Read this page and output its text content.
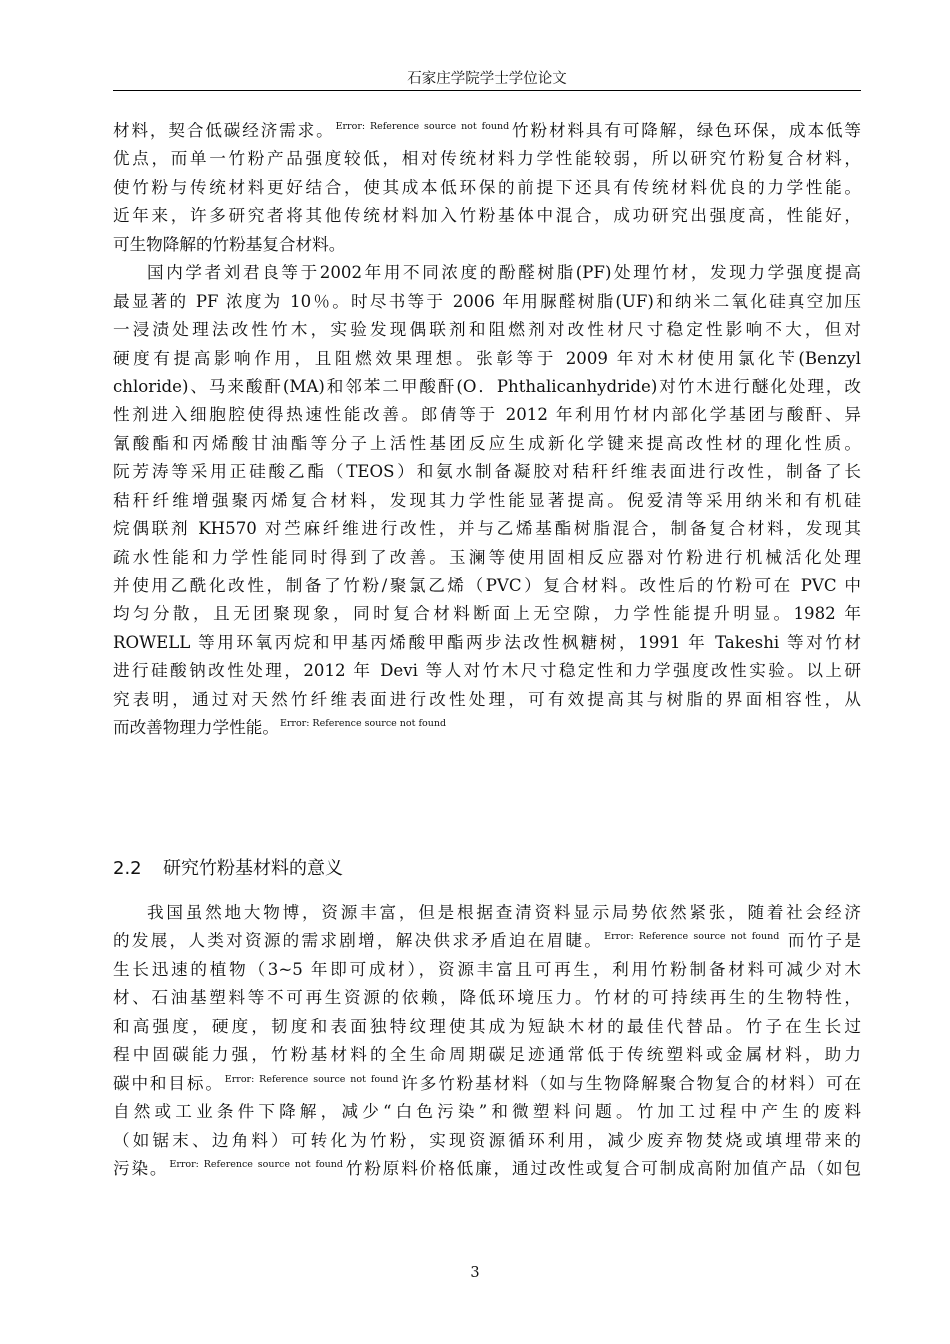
石家庄学院学士学位论文
材料，契合低碳经济需求。$^{Error: Reference source not found}$竹粉材料具有可降解，绿色环保，成本低等
优点，而单一竹粉产品强度较低，相对传统材料力学性能较弱，所以研究竹粉复合材料，
使竹粉与传统材料更好结合，使其成本低环保的前提下还具有传统材料优良的力学性能。
近年来，许多研究者将其他传统材料加入竹粉基体中混合，成功研究出强度高，性能好，
可生物降解的竹粉基复合材料。
国内学者刘君良等于2002年用不同浓度的酚醛树脂(PF)处理竹材，发现力学强度提高
最显著的 PF 浓度为 10％。时尽书等于 2006 年用脲醛树脂(UF)和纳米二氧化硅真空加压
一浸渍处理法改性竹木，实验发现偶联剂和阻燃剂对改性材尺寸稳定性影响不大，但对
硬度有提高影响作用，且阻燃效果理想。张彰等于 2009 年对木材使用氯化苄(Benzyl
chloride)、马来酸酐(MA)和邻苯二甲酸酐(O．Phthalicanhydride)对竹木进行醚化处理，改
性剂进入细胞腔使得热速性能改善。郎倩等于 2012 年利用竹材内部化学基团与酸酐、异
氰酸酯和丙烯酸甘油酯等分子上活性基团反应生成新化学键来提高改性材的理化性质。
阮芳涛等采用正硅酸乙酯（TEOS）和氨水制备凝胶对秸秆纤维表面进行改性，制备了长
秸秆纤维增强聚丙烯复合材料，发现其力学性能显著提高。倪爱清等采用纳米和有机硅
烷偶联剂 KH570 对苎麻纤维进行改性，并与乙烯基酯树脂混合，制备复合材料，发现其
疏水性能和力学性能同时得到了改善。玉澜等使用固相反应器对竹粉进行机械活化处理
并使用乙酰化改性，制备了竹粉/聚氯乙烯（PVC）复合材料。改性后的竹粉可在 PVC 中
均匀分散，且无团聚现象，同时复合材料断面上无空隙，力学性能提升明显。1982 年
ROWELL 等用环氧丙烷和甲基丙烯酸甲酯两步法改性枫糖树，1991 年 Takeshi 等对竹材
进行硅酸钠改性处理，2012 年 Devi 等人对竹木尺寸稳定性和力学强度改性实验。以上研
究表明，通过对天然竹纤维表面进行改性处理，可有效提高其与树脂的界面相容性，从
而改善物理力学性能。$^{Error: Reference source not found}$
2.2 研究竹粉基材料的意义
我国虽然地大物博，资源丰富，但是根据查清资料显示局势依然紧张，随着社会经济
的发展，人类对资源的需求剧增，解决供求矛盾迫在眉睫。$^{Error: Reference source not found}$ 而竹子是
生长迅速的植物（3~5 年即可成材），资源丰富且可再生，利用竹粉制备材料可减少对木
材、石油基塑料等不可再生资源的依赖，降低环境压力。竹材的可持续再生的生物特性，
和高强度，硬度，韧度和表面独特纹理使其成为短缺木材的最佳代替品。竹子在生长过
程中固碳能力强，竹粉基材料的全生命周期碳足迹通常低于传统塑料或金属材料，助力
碳中和目标。$^{Error: Reference source not found}$许多竹粉基材料（如与生物降解聚合物复合的材料）可在
自然或工业条件下降解，减少“白色污染”和微塑料问题。竹加工过程中产生的废料
（如锯末、边角料）可转化为竹粉，实现资源循环利用，减少废弃物焚烧或填埋带来的
污染。$^{Error: Reference source not found}$竹粉原料价格低廉，通过改性或复合可制成高附加值产品（如包
3
